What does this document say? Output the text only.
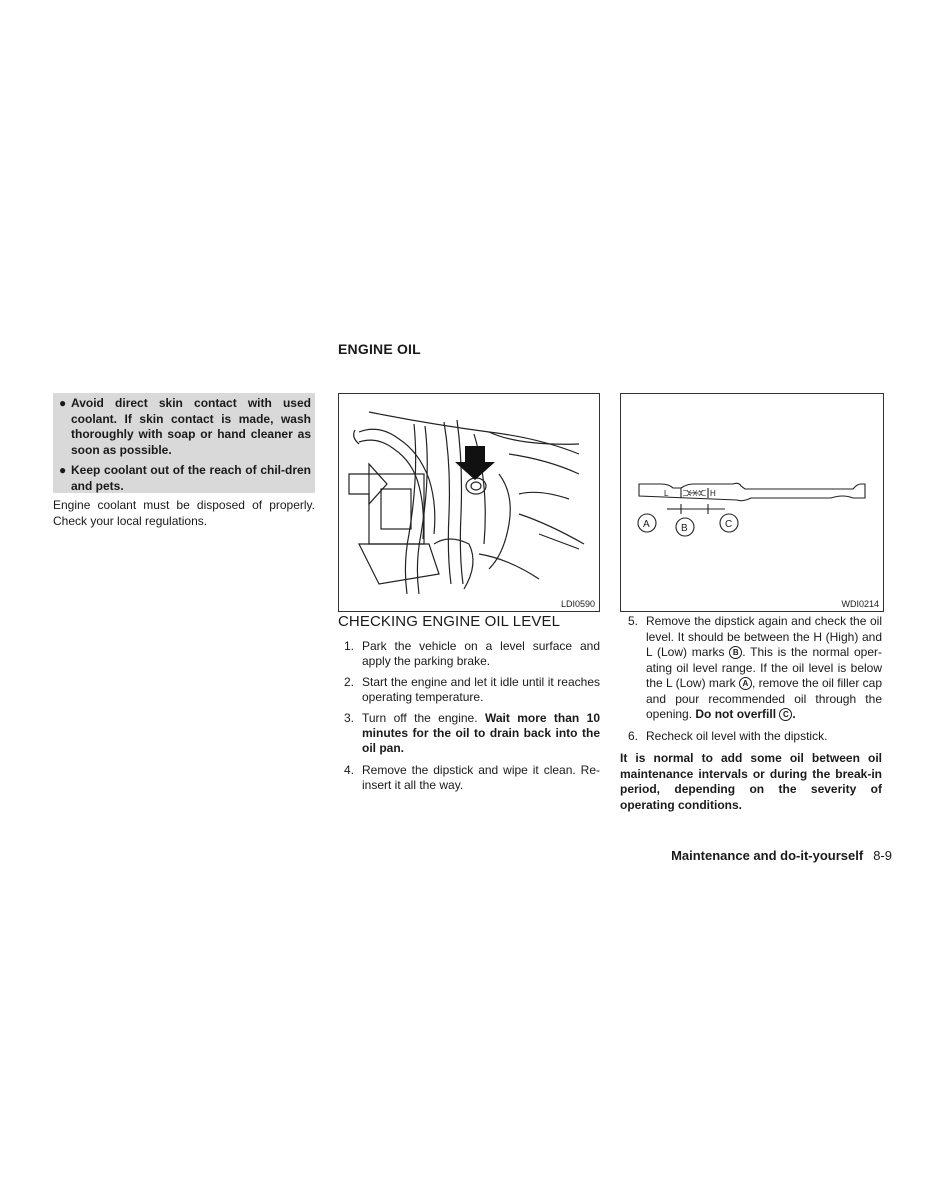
ENGINE OIL
● Avoid direct skin contact with used coolant. If skin contact is made, wash thoroughly with soap or hand cleaner as soon as possible.
● Keep coolant out of the reach of chil-dren and pets.
Engine coolant must be disposed of properly. Check your local regulations.
LDI0590
L	H
A	B	C
WDI0214
CHECKING ENGINE OIL LEVEL
1. Park the vehicle on a level surface and apply the parking brake.
2. Start the engine and let it idle until it reaches operating temperature.
3. Turn off the engine. Wait more than 10 minutes for the oil to drain back into the oil pan.
4. Remove the dipstick and wipe it clean. Re-insert it all the way.
5. Remove the dipstick again and check the oil level. It should be between the H (High) and L (Low) marks B . This is the normal oper-ating oil level range. If the oil level is below the L (Low) mark A , remove the oil filler cap and pour recommended oil through the opening. Do not overfill C .
6. Recheck oil level with the dipstick.
It is normal to add some oil between oil maintenance intervals or during the break-in period, depending on the severity of operating conditions.
Maintenance and do-it-yourself 8-9
